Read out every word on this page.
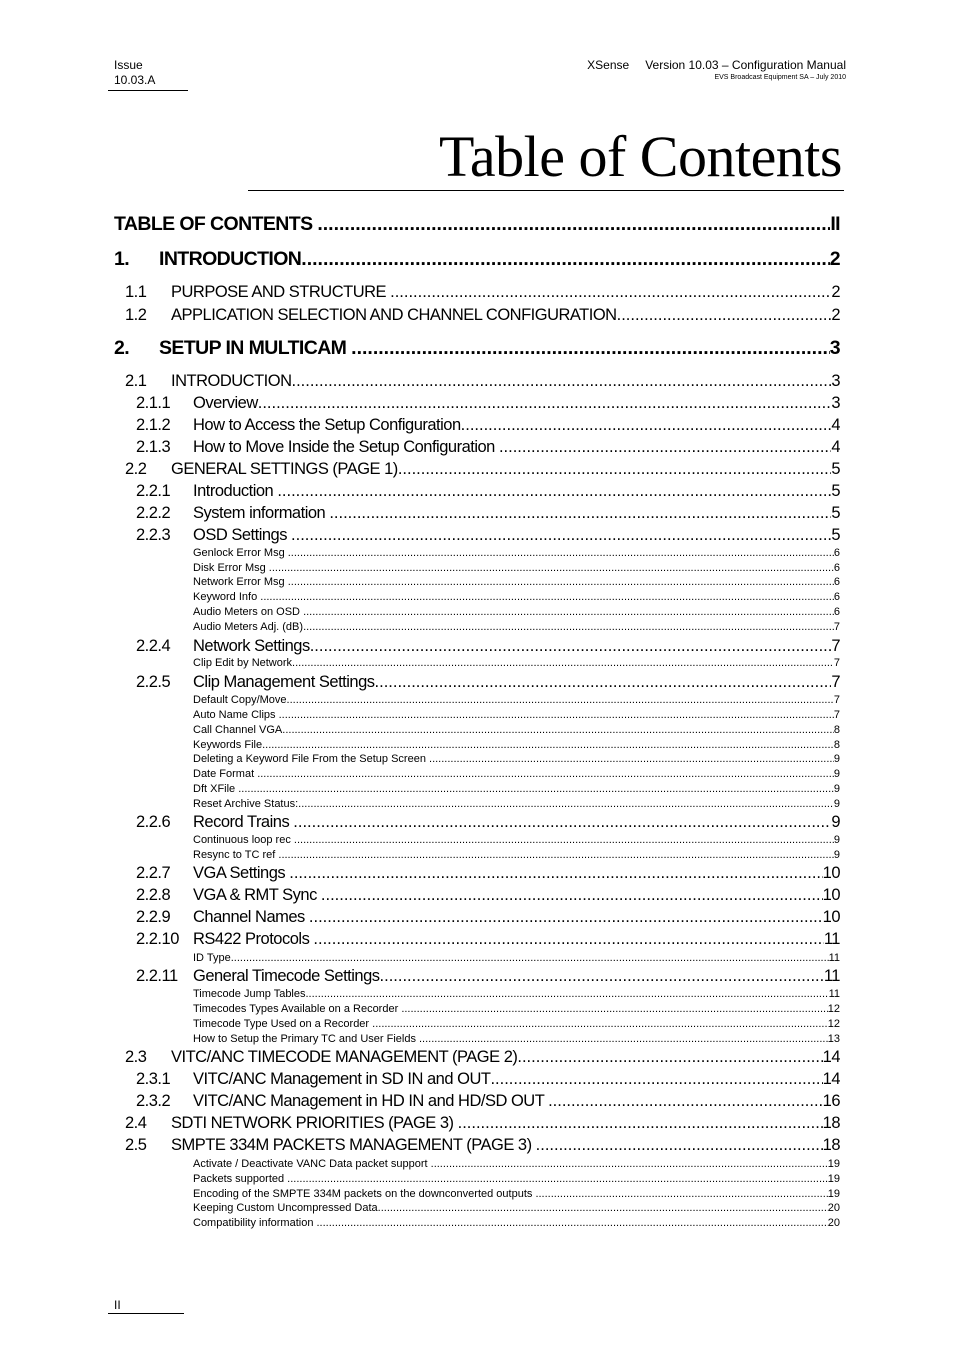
Issue
10.03.A
XSense Version 10.03 – Configuration Manual
EVS Broadcast Equipment SA – July 2010
Table of Contents
TABLE OF CONTENTS .....	II
1.	INTRODUCTION .....	2
1.1	PURPOSE AND STRUCTURE .....	2
1.2	APPLICATION SELECTION AND CHANNEL CONFIGURATION .....	2
2.	SETUP IN MULTICAM .....	3
2.1	INTRODUCTION .....	3
2.1.1	Overview .....	3
2.1.2	How to Access the Setup Configuration .....	4
2.1.3	How to Move Inside the Setup Configuration .....	4
2.2	GENERAL SETTINGS (PAGE 1) .....	5
2.2.1	Introduction .....	5
2.2.2	System information .....	5
2.2.3	OSD Settings .....	5
Genlock Error Msg .....	6
Disk Error Msg .....	6
Network Error Msg .....	6
Keyword Info .....	6
Audio Meters on OSD .....	6
Audio Meters Adj. (dB) .....	7
2.2.4	Network Settings .....	7
Clip Edit by Network .....	7
2.2.5	Clip Management Settings .....	7
Default Copy/Move .....	7
Auto Name Clips .....	7
Call Channel VGA .....	8
Keywords File .....	8
Deleting a Keyword File From the Setup Screen .....	9
Date Format .....	9
Dft XFile .....	9
Reset Archive Status: .....	9
2.2.6	Record Trains .....	9
Continuous loop rec .....	9
Resync to TC ref .....	9
2.2.7	VGA Settings .....	10
2.2.8	VGA & RMT Sync .....	10
2.2.9	Channel Names .....	10
2.2.10 RS422 Protocols .....	11
ID Type .....	11
2.2.11 General Timecode Settings .....	11
Timecode Jump Tables .....	11
Timecodes Types Available on a Recorder .....	12
Timecode Type Used on a Recorder .....	12
How to Setup the Primary TC and User Fields .....	13
2.3	VITC/ANC TIMECODE MANAGEMENT (PAGE 2) .....	14
2.3.1	VITC/ANC Management in SD IN and OUT .....	14
2.3.2	VITC/ANC Management in HD IN and HD/SD OUT .....	16
2.4	SDTI NETWORK PRIORITIES (PAGE 3) .....	18
2.5	SMPTE 334M PACKETS MANAGEMENT (PAGE 3) .....	18
Activate / Deactivate VANC Data packet support .....	19
Packets supported .....	19
Encoding of the SMPTE 334M packets on the downconverted outputs .....	19
Keeping Custom Uncompressed Data .....	20
Compatibility information .....	20
II
